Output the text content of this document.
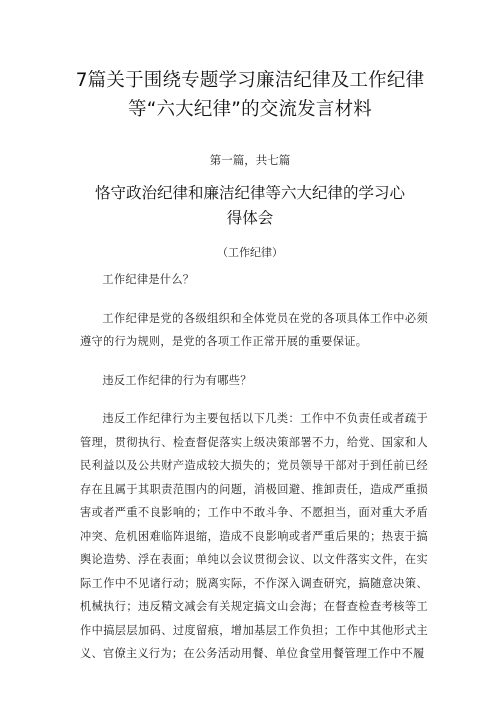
7篇关于围绕专题学习廉洁纪律及工作纪律等“六大纪律”的交流发言材料
第一篇，共七篇
恪守政治纪律和廉洁纪律等六大纪律的学习心得体会
（工作纪律）

工作纪律是什么？

工作纪律是党的各级组织和全体党员在党的各项具体工作中必须遵守的行为规则，是党的各项工作正常开展的重要保证。

违反工作纪律的行为有哪些？

违反工作纪律行为主要包括以下几类：工作中不负责任或者疏于管理，贯彻执行、检查督促落实上级决策部署不力，给党、国家和人民利益以及公共财产造成较大损失的；党员领导干部对于到任前已经存在且属于其职责范围内的问题，消极回避、推卸责任，造成严重损害或者严重不良影响的；工作中不敢斗争、不愿担当，面对重大矛盾冲突、危机困难临阵退缩，造成不良影响或者严重后果的；热衷于搞舆论造势、浮在表面；单纯以会议贯彻会议、以文件落实文件，在实际工作中不见诸行动；脱离实际，不作深入调查研究，搞随意决策、机械执行；违反精文减会有关规定搞文山会海；在督查检查考核等工作中搞层层加码、过度留痕，增加基层工作负担；工作中其他形式主义、官僚主义行为；在公务活动用餐、单位食堂用餐管理工作中不履
